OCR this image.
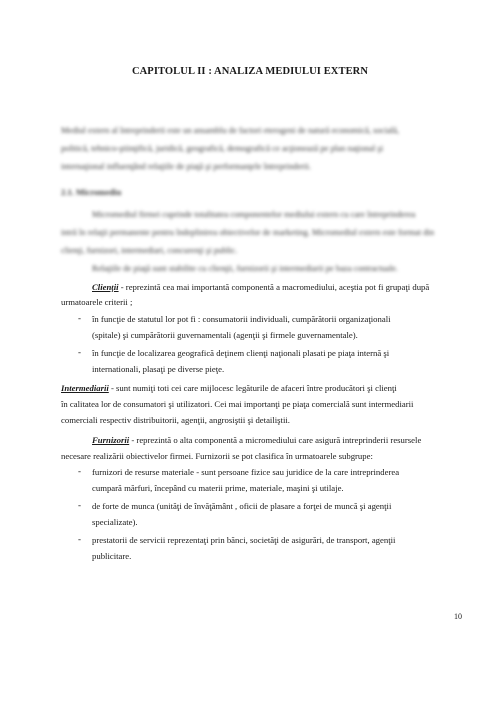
CAPITOLUL II : ANALIZA MEDIULUI EXTERN
Mediul extern al întreprinderii este un ansamblu de factori eterogeni de natură economică, socială,
politică, tehnico-ştiinţifică, juridică, geografică, demografică ce acţionează pe plan naţional şi
internaţional influenţând relaţiile de piaţă şi performanţele întreprinderii.
2.1. Micromediu
Micromediul firmei cuprinde totalitatea componentelor mediului extern cu care întreprinderea
intră în relaţii permanente pentru îndeplinirea obiectivelor de marketing. Micromediul extern este format din
clienţi, furnizori, intermediari, concurenţi şi public.
Relaţiile de piaţă sunt stabilite cu clienţii, furnizorii şi intermediarii pe baza contractuale.
Clienţii - reprezintă cea mai importantă componentă a macromediului, aceştia pot fi grupaţi după
urmatoarele criterii ;
- în funcţie de statutul lor pot fi : consumatorii individuali, cumpărătorii organizaţionali
(spitale) şi cumpărătorii guvernamentali (agenţii şi firmele guvernamentale).
- în funcţie de localizarea geografică deţinem clienţi naţionali plasati pe piaţa internă şi
internationali, plasaţi pe diverse pieţe.
Intermediarii - sunt numiţi toti cei care mijlocesc legăturile de afaceri între producători şi clienţi
în calitatea lor de consumatori şi utilizatori. Cei mai importanţi pe piaţa comercială sunt intermediarii
comerciali respectiv distribuitorii, agenţii, angrosiştii şi detailiştii.
Furnizorii - reprezintă o alta componentă a micromediului care asigură intreprinderii resursele
necesare realizării obiectivelor firmei. Furnizorii se pot clasifica în urmatoarele subgrupe:
- furnizori de resurse materiale - sunt persoane fizice sau juridice de la care intreprinderea
cumpară mărfuri, începând cu materii prime, materiale, maşini şi utilaje.
- de forte de munca (unităţi de învăţământ , oficii de plasare a forţei de muncă şi agenţii
specializate).
- prestatorii de servicii reprezentaţi prin bănci, societăţi de asigurări, de transport, agenţii
publicitare.
10
